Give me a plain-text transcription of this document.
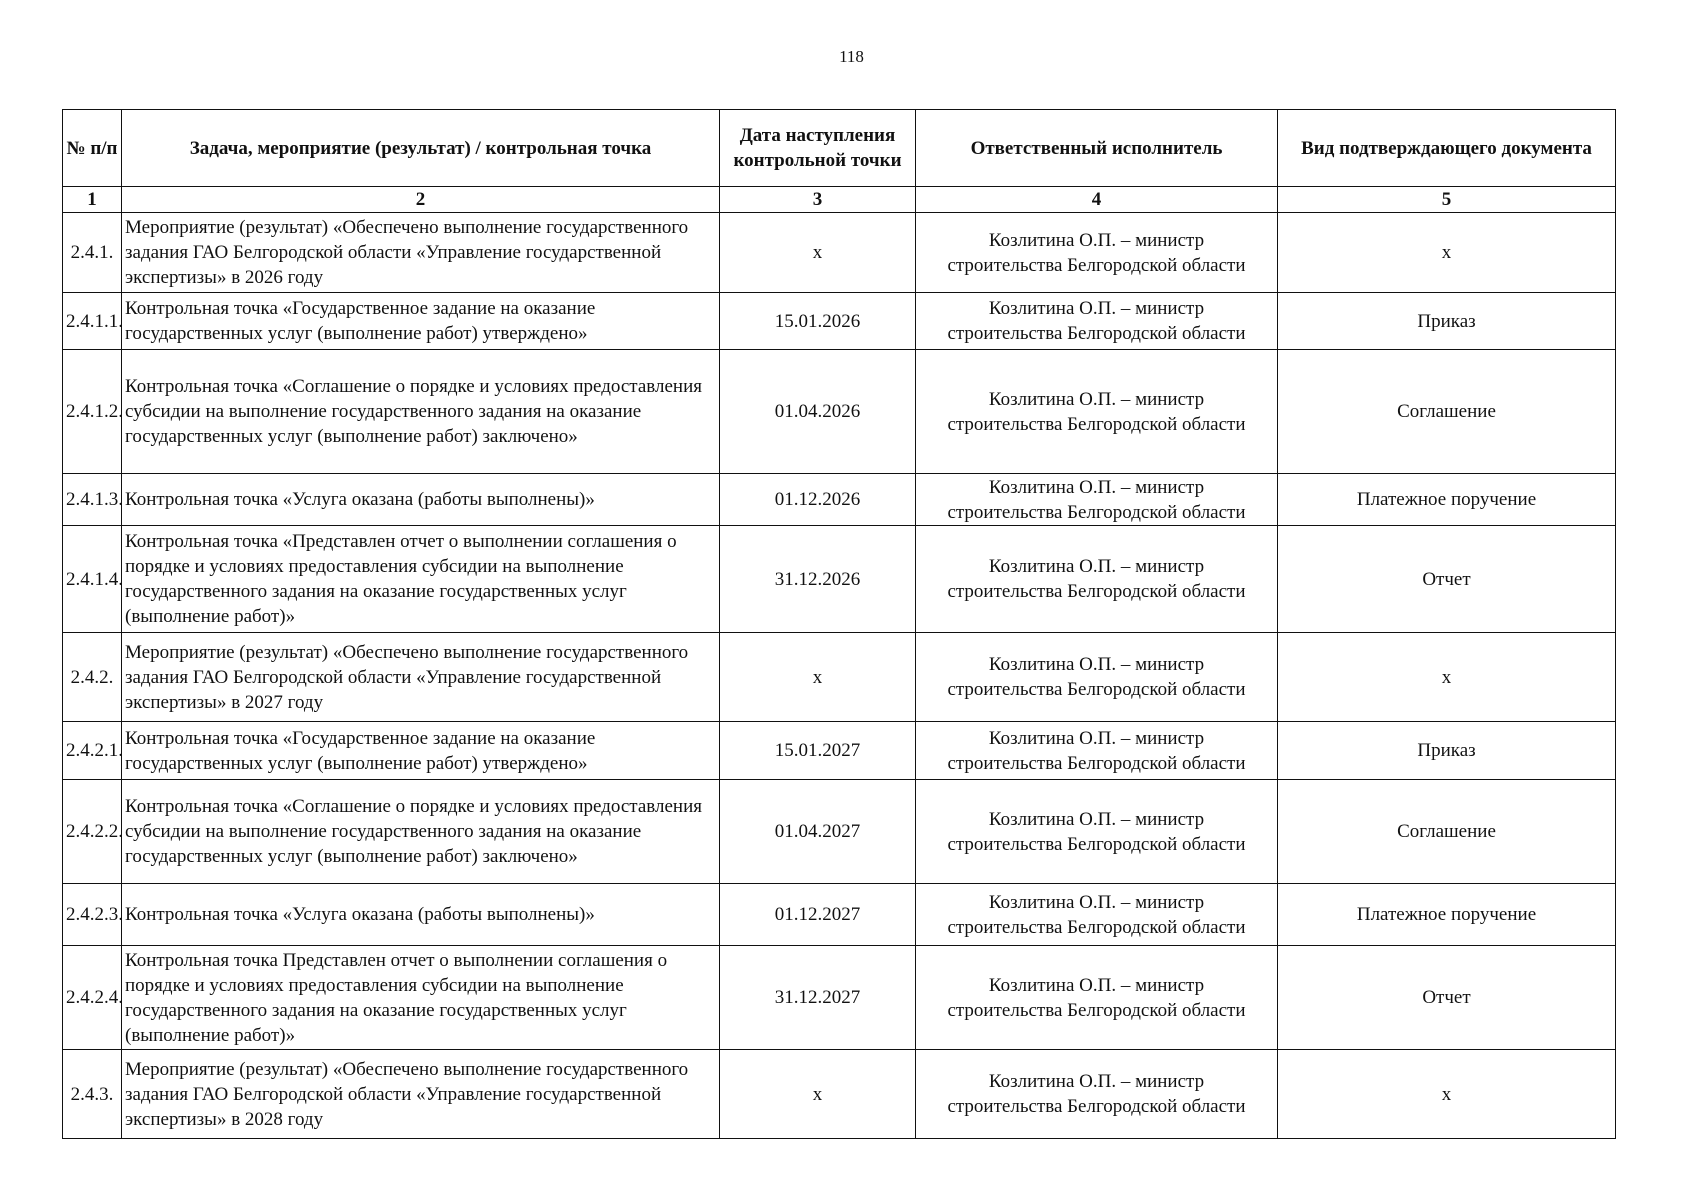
118
№ п/п	Задача, мероприятие (результат) / контрольная точка	Дата наступления контрольной точки	Ответственный исполнитель	Вид подтверждающего документа
1	2	3	4	5
2.4.1.	Мероприятие (результат) «Обеспечено выполнение государственного задания ГАО Белгородской области «Управление государственной экспертизы» в 2026 году	x	Козлитина О.П. – министр
строительства Белгородской области	x
2.4.1.1.	Контрольная точка «Государственное задание на оказание государственных услуг (выполнение работ) утверждено»	15.01.2026	Козлитина О.П. – министр
строительства Белгородской области	Приказ
2.4.1.2.	Контрольная точка «Соглашение о порядке и условиях предоставления субсидии на выполнение государственного задания на оказание государственных услуг (выполнение работ) заключено»	01.04.2026	Козлитина О.П. – министр
строительства Белгородской области	Соглашение
2.4.1.3.	Контрольная точка «Услуга оказана (работы выполнены)»	01.12.2026	Козлитина О.П. – министр
строительства Белгородской области	Платежное поручение
2.4.1.4.	Контрольная точка «Представлен отчет о выполнении соглашения о порядке и условиях предоставления субсидии на выполнение государственного задания на оказание государственных услуг (выполнение работ)»	31.12.2026	Козлитина О.П. – министр
строительства Белгородской области	Отчет
2.4.2.	Мероприятие (результат) «Обеспечено выполнение государственного задания ГАО Белгородской области «Управление государственной экспертизы» в 2027 году	x	Козлитина О.П. – министр
строительства Белгородской области	x
2.4.2.1.	Контрольная точка «Государственное задание на оказание государственных услуг (выполнение работ) утверждено»	15.01.2027	Козлитина О.П. – министр
строительства Белгородской области	Приказ
2.4.2.2.	Контрольная точка «Соглашение о порядке и условиях предоставления субсидии на выполнение государственного задания на оказание государственных услуг (выполнение работ) заключено»	01.04.2027	Козлитина О.П. – министр
строительства Белгородской области	Соглашение
2.4.2.3.	Контрольная точка «Услуга оказана (работы выполнены)»	01.12.2027	Козлитина О.П. – министр
строительства Белгородской области	Платежное поручение
2.4.2.4.	Контрольная точка Представлен отчет о выполнении соглашения о порядке и условиях предоставления субсидии на выполнение государственного задания на оказание государственных услуг (выполнение работ)»	31.12.2027	Козлитина О.П. – министр
строительства Белгородской области	Отчет
2.4.3.	Мероприятие (результат) «Обеспечено выполнение государственного задания ГАО Белгородской области «Управление государственной экспертизы» в 2028 году	x	Козлитина О.П. – министр
строительства Белгородской области	x
